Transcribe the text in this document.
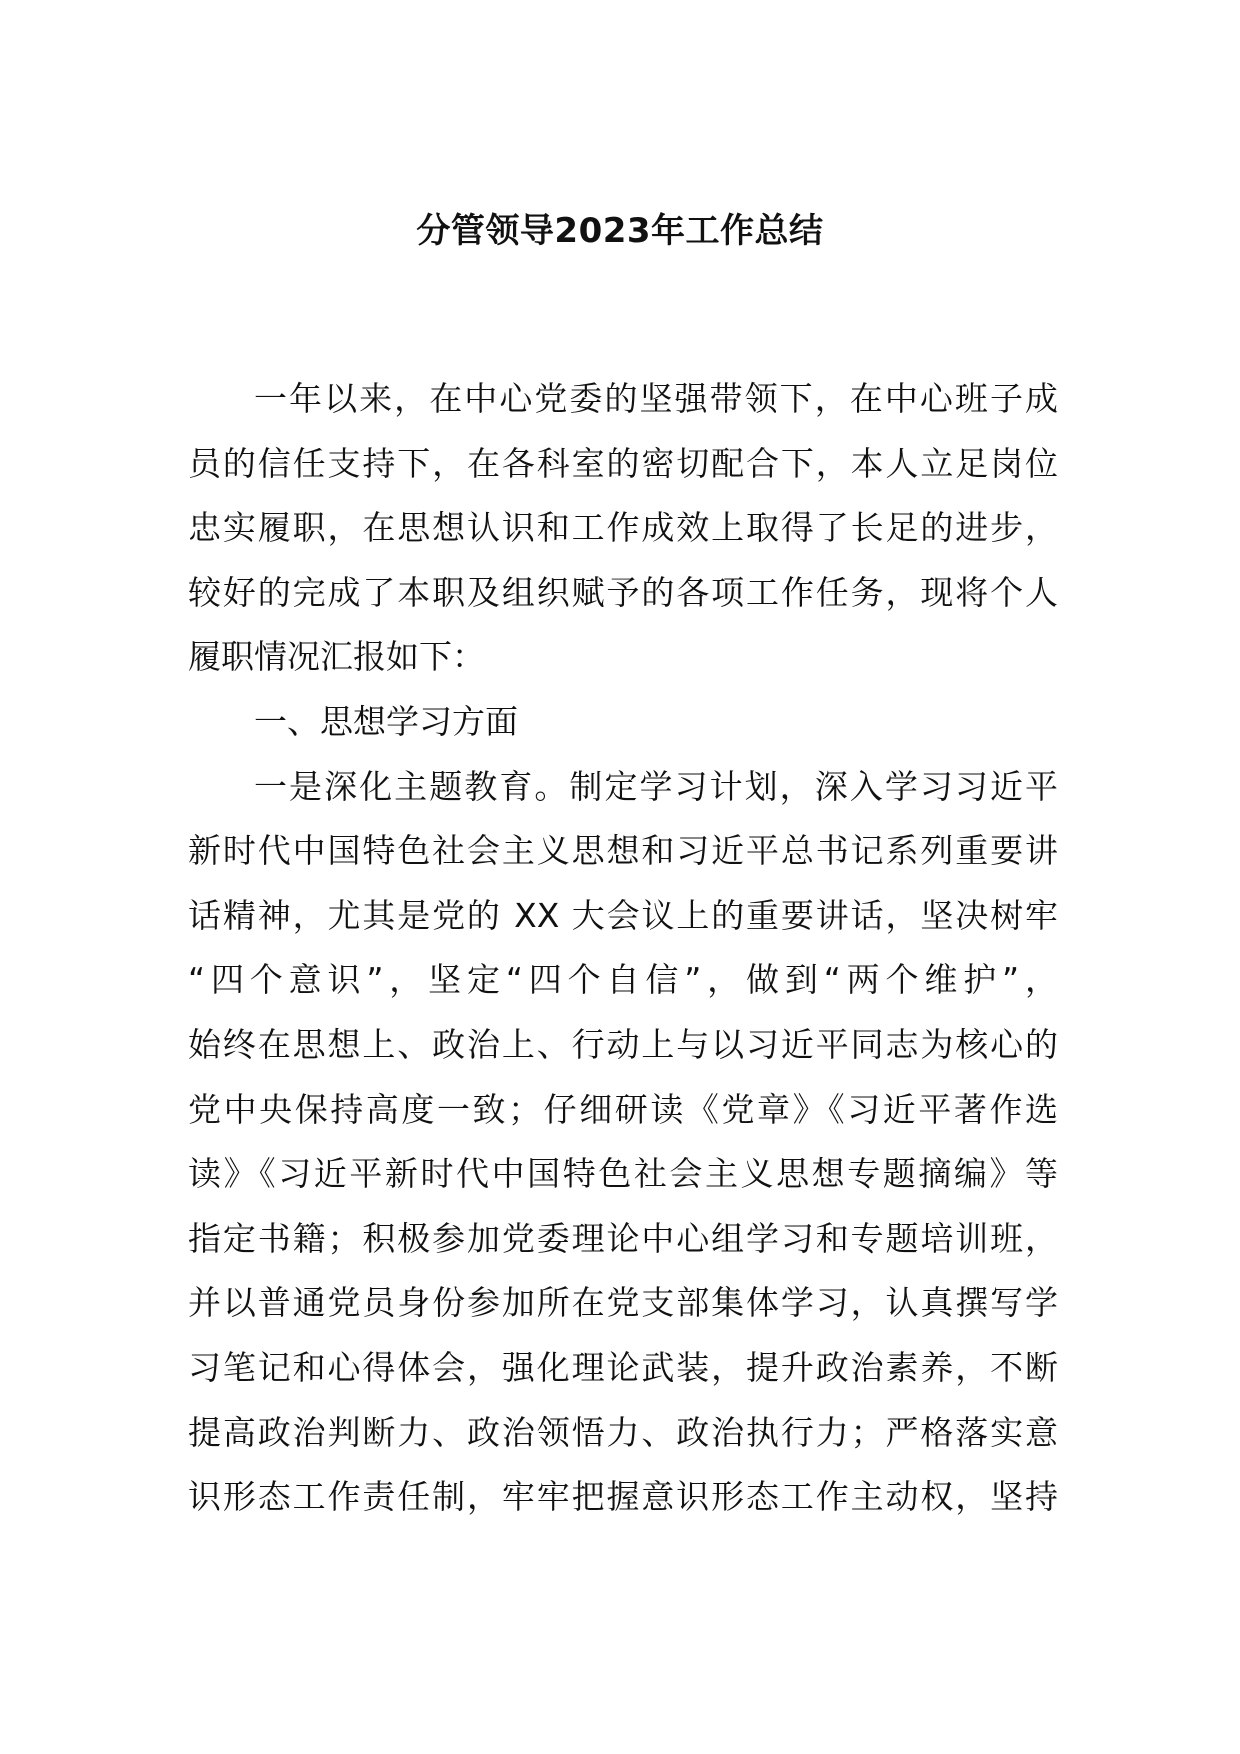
分管领导2023年工作总结
一年以来，在中心党委的坚强带领下，在中心班子成
员的信任支持下，在各科室的密切配合下，本人立足岗位
忠实履职，在思想认识和工作成效上取得了长足的进步，
较好的完成了本职及组织赋予的各项工作任务，现将个人
履职情况汇报如下：
一、思想学习方面
一是深化主题教育。制定学习计划，深入学习习近平
新时代中国特色社会主义思想和习近平总书记系列重要讲
话精神，尤其是党的 XX 大会议上的重要讲话，坚决树牢
“四个意识”，坚定“四个自信”，做到“两个维护”，
始终在思想上、政治上、行动上与以习近平同志为核心的
党中央保持高度一致；仔细研读《党章》《习近平著作选
读》《习近平新时代中国特色社会主义思想专题摘编》等
指定书籍；积极参加党委理论中心组学习和专题培训班，
并以普通党员身份参加所在党支部集体学习，认真撰写学
习笔记和心得体会，强化理论武装，提升政治素养，不断
提高政治判断力、政治领悟力、政治执行力；严格落实意
识形态工作责任制，牢牢把握意识形态工作主动权，坚持
